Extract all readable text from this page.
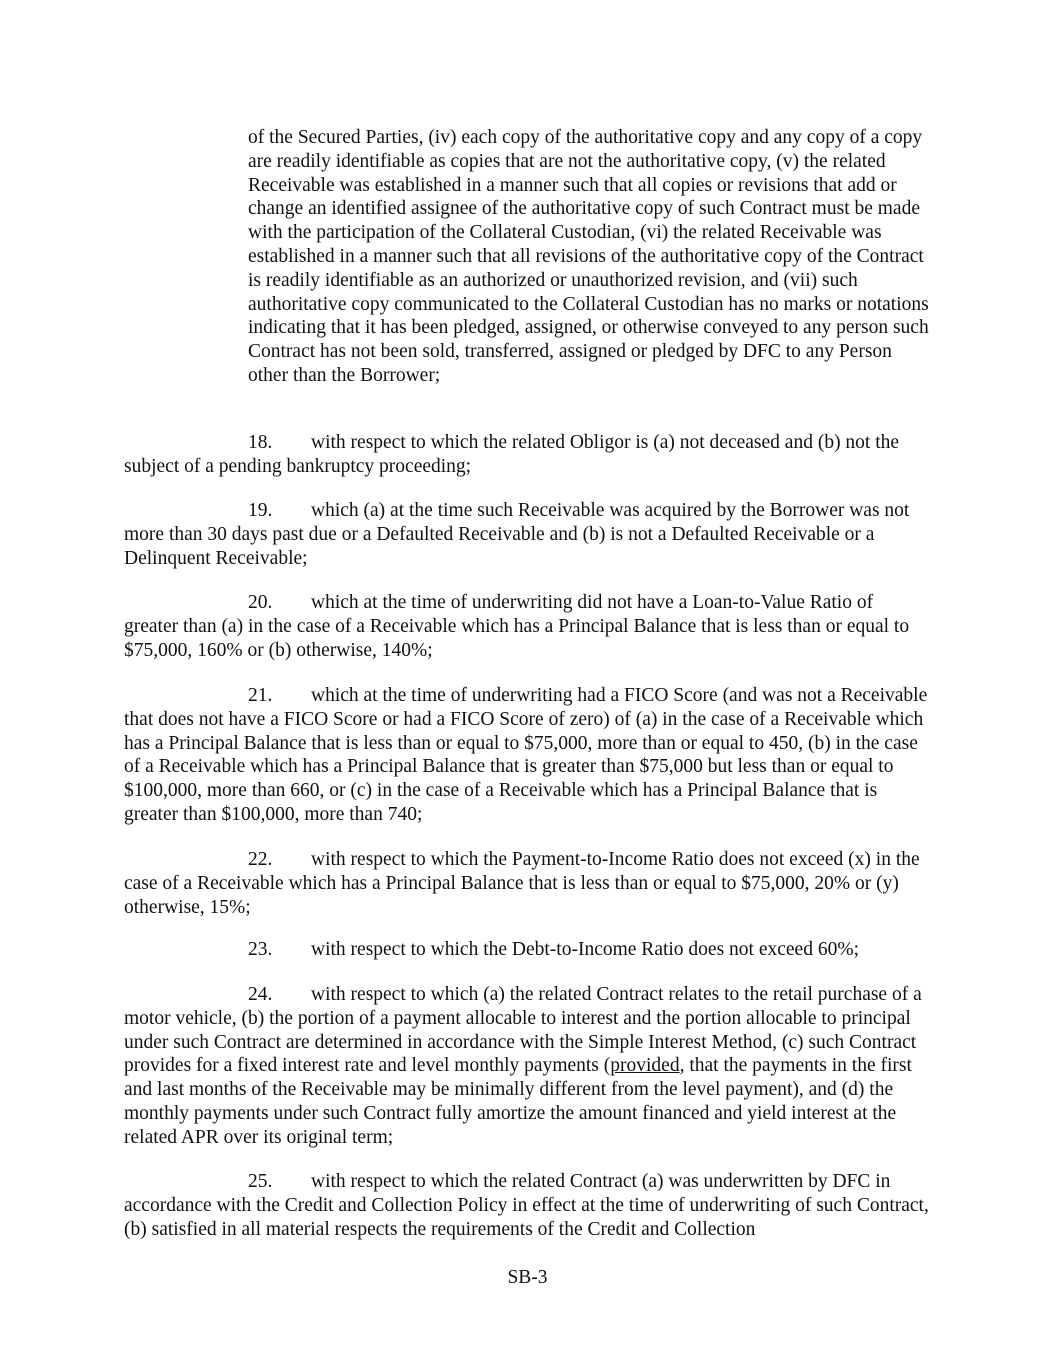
of the Secured Parties, (iv) each copy of the authoritative copy and any copy of a copy are readily identifiable as copies that are not the authoritative copy, (v) the related Receivable was established in a manner such that all copies or revisions that add or change an identified assignee of the authoritative copy of such Contract must be made with the participation of the Collateral Custodian, (vi) the related Receivable was established in a manner such that all revisions of the authoritative copy of the Contract is readily identifiable as an authorized or unauthorized revision, and (vii) such authoritative copy communicated to the Collateral Custodian has no marks or notations indicating that it has been pledged, assigned, or otherwise conveyed to any person such Contract has not been sold, transferred, assigned or pledged by DFC to any Person other than the Borrower;

18. with respect to which the related Obligor is (a) not deceased and (b) not the subject of a pending bankruptcy proceeding;

19. which (a) at the time such Receivable was acquired by the Borrower was not more than 30 days past due or a Defaulted Receivable and (b) is not a Defaulted Receivable or a Delinquent Receivable;

20. which at the time of underwriting did not have a Loan-to-Value Ratio of greater than (a) in the case of a Receivable which has a Principal Balance that is less than or equal to $75,000, 160% or (b) otherwise, 140%;

21. which at the time of underwriting had a FICO Score (and was not a Receivable that does not have a FICO Score or had a FICO Score of zero) of (a) in the case of a Receivable which has a Principal Balance that is less than or equal to $75,000, more than or equal to 450, (b) in the case of a Receivable which has a Principal Balance that is greater than $75,000 but less than or equal to $100,000, more than 660, or (c) in the case of a Receivable which has a Principal Balance that is greater than $100,000, more than 740;

22. with respect to which the Payment-to-Income Ratio does not exceed (x) in the case of a Receivable which has a Principal Balance that is less than or equal to $75,000, 20% or (y) otherwise, 15%;

23. with respect to which the Debt-to-Income Ratio does not exceed 60%;

24. with respect to which (a) the related Contract relates to the retail purchase of a motor vehicle, (b) the portion of a payment allocable to interest and the portion allocable to principal under such Contract are determined in accordance with the Simple Interest Method, (c) such Contract provides for a fixed interest rate and level monthly payments (provided, that the payments in the first and last months of the Receivable may be minimally different from the level payment), and (d) the monthly payments under such Contract fully amortize the amount financed and yield interest at the related APR over its original term;

25. with respect to which the related Contract (a) was underwritten by DFC in accordance with the Credit and Collection Policy in effect at the time of underwriting of such Contract, (b) satisfied in all material respects the requirements of the Credit and Collection

SB-3
